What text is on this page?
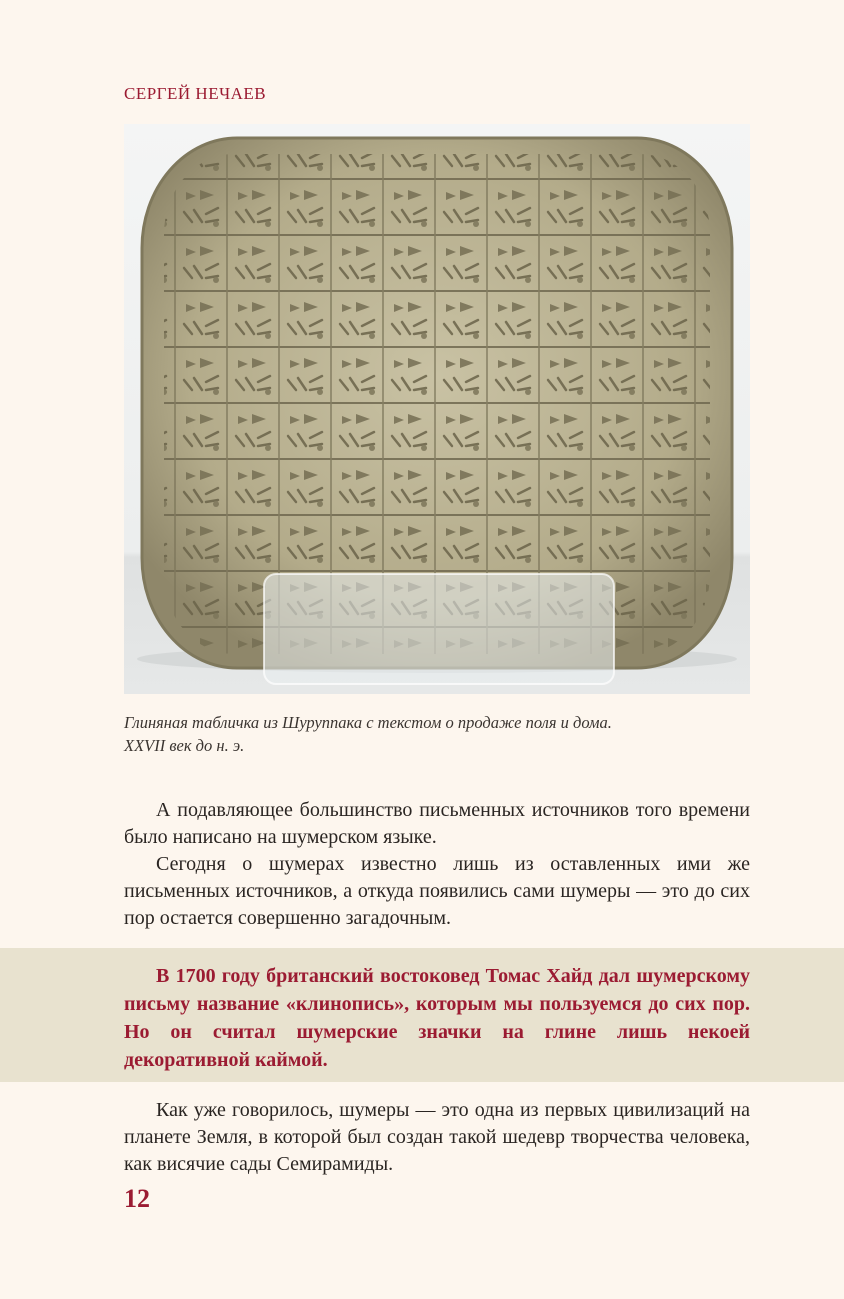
СЕРГЕЙ НЕЧАЕВ
Глиняная табличка из Шуруппака с текстом о продаже поля и дома.
XXVII век до н. э.

А подавляющее большинство письменных источников того времени было написано на шумерском языке.

Сегодня о шумерах известно лишь из оставленных ими же письменных источников, а откуда появились сами шумеры — это до сих пор остается совершенно загадочным.

В 1700 году британский востоковед Томас Хайд дал шумерскому письму название «клинопись», которым мы пользуемся до сих пор. Но он считал шумерские значки на глине лишь некоей декоративной каймой.

Как уже говорилось, шумеры — это одна из первых цивилизаций на планете Земля, в которой был создан такой шедевр творчества человека, как висячие сады Семирамиды.

12
